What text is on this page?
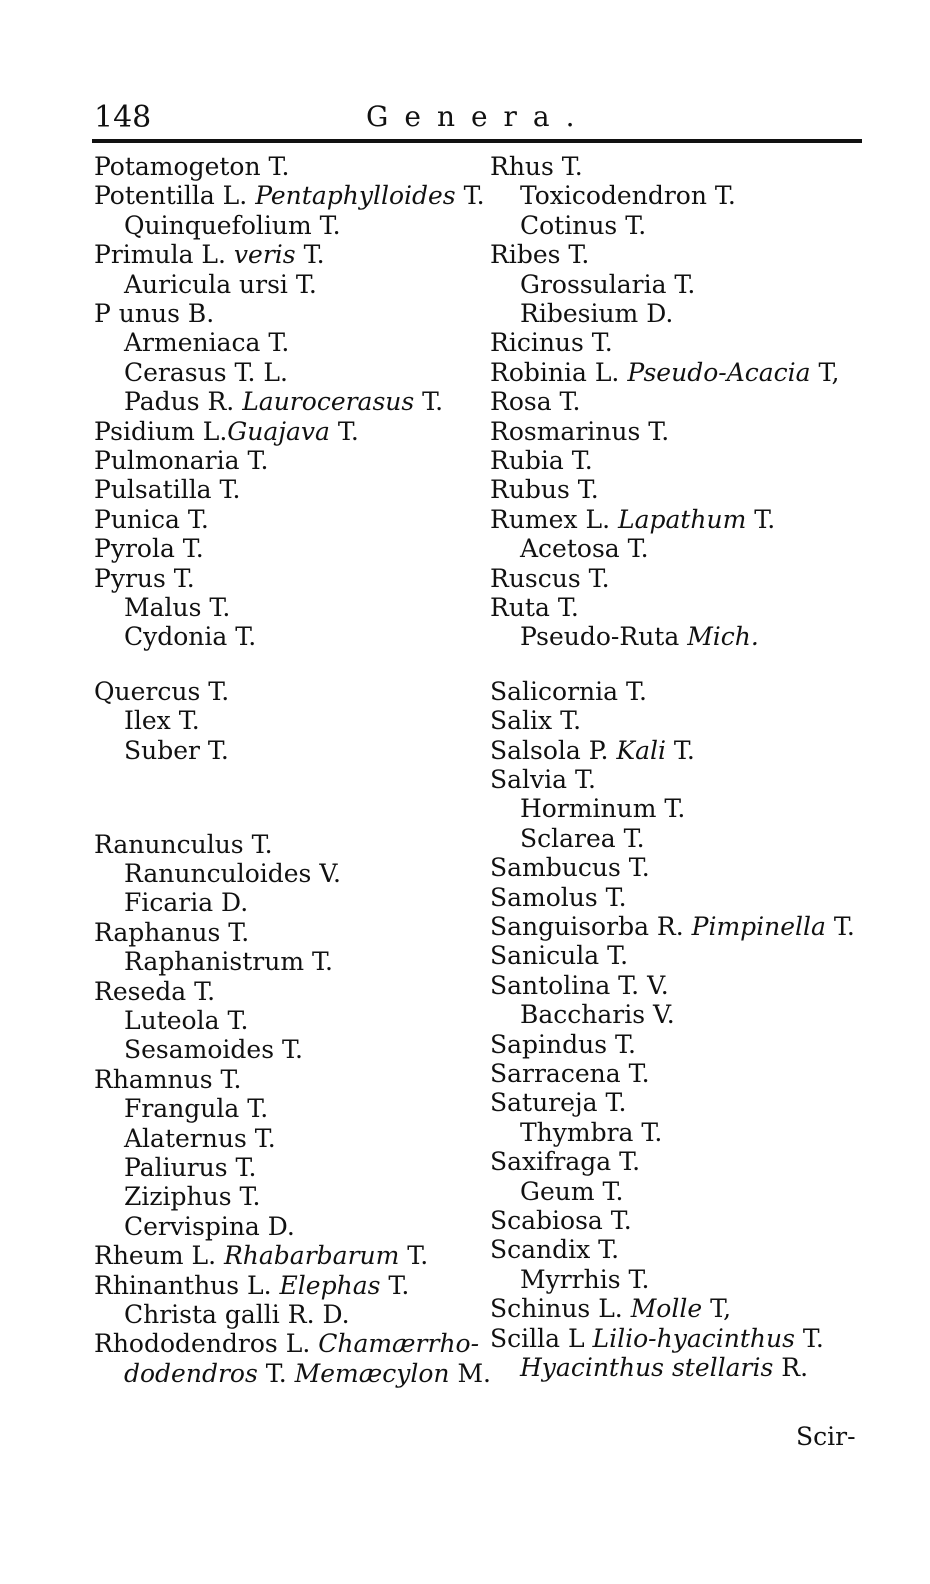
148	Genera.
Potamogeton T.
Potentilla L. Pentaphylloides T.
Quinquefolium T.
Primula L. veris T.
Auricula ursi T.
P unus B.
Armeniaca T.
Cerasus T. L.
Padus R. Laurocerasus T.
Psidium L.Guajava T.
Pulmonaria T.
Pulsatilla T.
Punica T.
Pyrola T.
Pyrus T.
Malus T.
Cydonia T.
Quercus T.
Ilex T.
Suber T.
Ranunculus T.
Ranunculoides V.
Ficaria D.
Raphanus T.
Raphanistrum T.
Reseda T.
Luteola T.
Sesamoides T.
Rhamnus T.
Frangula T.
Alaternus T.
Paliurus T.
Ziziphus T.
Cervispina D.
Rheum L. Rhabarbarum T.
Rhinanthus L. Elephas T.
Christa galli R. D.
Rhododendros L. Chamærrho-
dodendros T. Memæcylon M.
Rhus T.
Toxicodendron T.
Cotinus T.
Ribes T.
Grossularia T.
Ribesium D.
Ricinus T.
Robinia L. Pseudo-Acacia T,
Rosa T.
Rosmarinus T.
Rubia T.
Rubus T.
Rumex L. Lapathum T.
Acetosa T.
Ruscus T.
Ruta T.
Pseudo-Ruta Mich.
Salicornia T.
Salix T.
Salsola P. Kali T.
Salvia T.
Horminum T.
Sclarea T.
Sambucus T.
Samolus T.
Sanguisorba R. Pimpinella T.
Sanicula T.
Santolina T. V.
Baccharis V.
Sapindus T.
Sarracena T.
Satureja T.
Thymbra T.
Saxifraga T.
Geum T.
Scabiosa T.
Scandix T.
Myrrhis T.
Schinus L. Molle T,
Scilla L Lilio-hyacinthus T.
Hyacinthus stellaris R.
Scir-
